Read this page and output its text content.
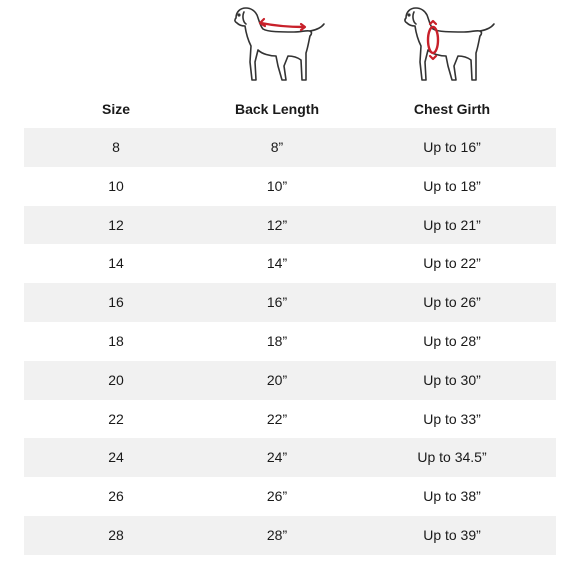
Size	Back Length	Chest Girth
8	8”	Up to 16”
10	10”	Up to 18”
12	12”	Up to 21”
14	14”	Up to 22”
16	16”	Up to 26”
18	18”	Up to 28”
20	20”	Up to 30”
22	22”	Up to 33”
24	24”	Up to 34.5”
26	26”	Up to 38”
28	28”	Up to 39”
